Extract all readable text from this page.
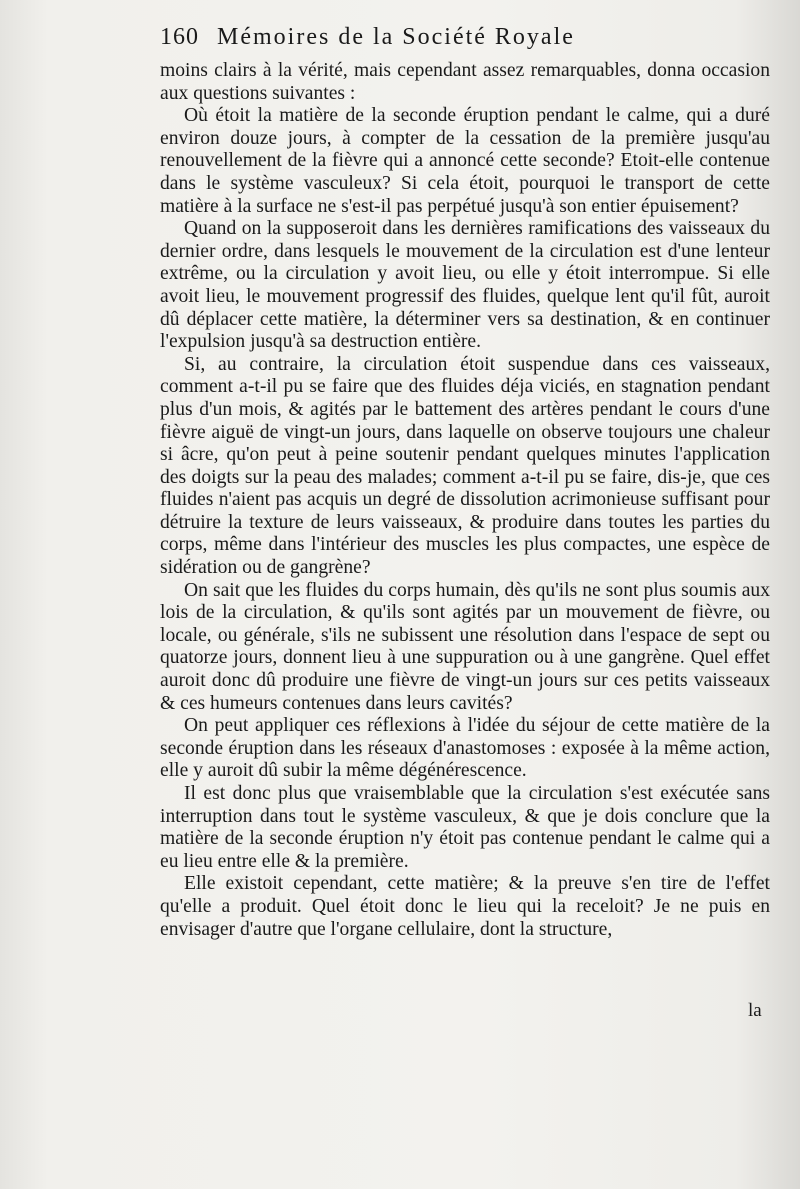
160 Mémoires de la Société Royale

moins clairs à la vérité, mais cependant assez remarquables, donna occasion aux questions suivantes :

Où étoit la matière de la seconde éruption pendant le calme, qui a duré environ douze jours, à compter de la cessation de la première jusqu'au renouvellement de la fièvre qui a annoncé cette seconde? Etoit-elle contenue dans le système vasculeux? Si cela étoit, pourquoi le transport de cette matière à la surface ne s'est-il pas perpétué jusqu'à son entier épuisement?

Quand on la supposeroit dans les dernières ramifications des vaisseaux du dernier ordre, dans lesquels le mouvement de la circulation est d'une lenteur extrême, ou la circulation y avoit lieu, ou elle y étoit interrompue. Si elle avoit lieu, le mouvement progressif des fluides, quelque lent qu'il fût, auroit dû déplacer cette matière, la déterminer vers sa destination, & en continuer l'expulsion jusqu'à sa destruction entière.

Si, au contraire, la circulation étoit suspendue dans ces vaisseaux, comment a-t-il pu se faire que des fluides déja viciés, en stagnation pendant plus d'un mois, & agités par le battement des artères pendant le cours d'une fièvre aiguë de vingt-un jours, dans laquelle on observe toujours une chaleur si âcre, qu'on peut à peine soutenir pendant quelques minutes l'application des doigts sur la peau des malades; comment a-t-il pu se faire, dis-je, que ces fluides n'aient pas acquis un degré de dissolution acrimonieuse suffisant pour détruire la texture de leurs vaisseaux, & produire dans toutes les parties du corps, même dans l'intérieur des muscles les plus compactes, une espèce de sidération ou de gangrène?

On sait que les fluides du corps humain, dès qu'ils ne sont plus soumis aux lois de la circulation, & qu'ils sont agités par un mouvement de fièvre, ou locale, ou générale, s'ils ne subissent une résolution dans l'espace de sept ou quatorze jours, donnent lieu à une suppuration ou à une gangrène. Quel effet auroit donc dû produire une fièvre de vingt-un jours sur ces petits vaisseaux & ces humeurs contenues dans leurs cavités?

On peut appliquer ces réflexions à l'idée du séjour de cette matière de la seconde éruption dans les réseaux d'anastomoses : exposée à la même action, elle y auroit dû subir la même dégénérescence.

Il est donc plus que vraisemblable que la circulation s'est exécutée sans interruption dans tout le système vasculeux, & que je dois conclure que la matière de la seconde éruption n'y étoit pas contenue pendant le calme qui a eu lieu entre elle & la première.

Elle existoit cependant, cette matière; & la preuve s'en tire de l'effet qu'elle a produit. Quel étoit donc le lieu qui la receloit? Je ne puis en envisager d'autre que l'organe cellulaire, dont la structure,

la
